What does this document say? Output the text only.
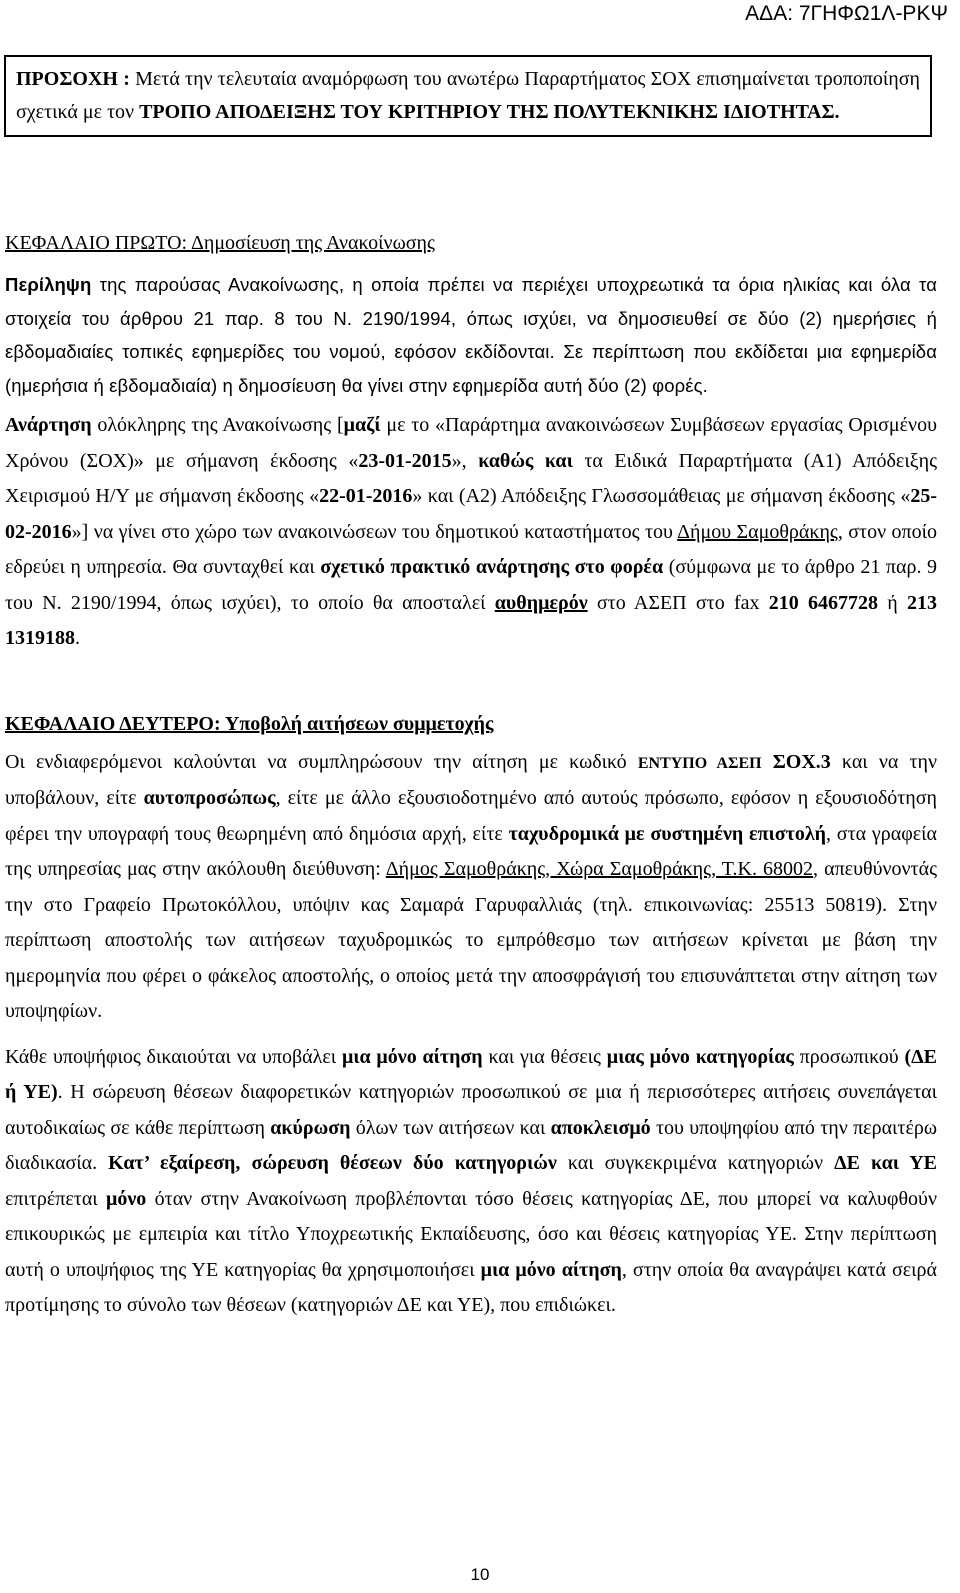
ΑΔΑ: 7ΓΗΦΩ1Λ-ΡΚΨ
ΠΡΟΣΟΧΗ : Μετά την τελευταία αναμόρφωση του ανωτέρω Παραρτήματος ΣΟΧ επισημαίνεται τροποποίηση σχετικά με τον ΤΡΟΠΟ ΑΠΟΔΕΙΞΗΣ ΤΟΥ ΚΡΙΤΗΡΙΟΥ ΤΗΣ ΠΟΛΥΤΕΚΝΙΚΗΣ ΙΔΙΟΤΗΤΑΣ.

ΚΕΦΑΛΑΙΟ ΠΡΩΤΟ: Δημοσίευση της Ανακοίνωσης

Περίληψη της παρούσας Ανακοίνωσης, η οποία πρέπει να περιέχει υποχρεωτικά τα όρια ηλικίας και όλα τα στοιχεία του άρθρου 21 παρ. 8 του Ν. 2190/1994, όπως ισχύει, να δημοσιευθεί σε δύο (2) ημερήσιες ή εβδομαδιαίες τοπικές εφημερίδες του νομού, εφόσον εκδίδονται. Σε περίπτωση που εκδίδεται μια εφημερίδα (ημερήσια ή εβδομαδιαία) η δημοσίευση θα γίνει στην εφημερίδα αυτή δύο (2) φορές.

Ανάρτηση ολόκληρης της Ανακοίνωσης [μαζί με το «Παράρτημα ανακοινώσεων Συμβάσεων εργασίας Ορισμένου Χρόνου (ΣΟΧ)» με σήμανση έκδοσης «23-01-2015», καθώς και τα Ειδικά Παραρτήματα (Α1) Απόδειξης Χειρισμού Η/Υ με σήμανση έκδοσης «22-01-2016» και (Α2) Απόδειξης Γλωσσομάθειας με σήμανση έκδοσης «25-02-2016»] να γίνει στο χώρο των ανακοινώσεων του δημοτικού καταστήματος του Δήμου Σαμοθράκης, στον οποίο εδρεύει η υπηρεσία. Θα συνταχθεί και σχετικό πρακτικό ανάρτησης στο φορέα (σύμφωνα με το άρθρο 21 παρ. 9 του Ν. 2190/1994, όπως ισχύει), το οποίο θα αποσταλεί αυθημερόν στο ΑΣΕΠ στο fax 210 6467728 ή 213 1319188.

ΚΕΦΑΛΑΙΟ ΔΕΥΤΕΡΟ: Υποβολή αιτήσεων συμμετοχής

Οι ενδιαφερόμενοι καλούνται να συμπληρώσουν την αίτηση με κωδικό ΕΝΤΥΠΟ ΑΣΕΠ ΣΟΧ.3 και να την υποβάλουν, είτε αυτοπροσώπως, είτε με άλλο εξουσιοδοτημένο από αυτούς πρόσωπο, εφόσον η εξουσιοδότηση φέρει την υπογραφή τους θεωρημένη από δημόσια αρχή, είτε ταχυδρομικά με συστημένη επιστολή, στα γραφεία της υπηρεσίας μας στην ακόλουθη διεύθυνση: Δήμος Σαμοθράκης, Χώρα Σαμοθράκης, Τ.Κ. 68002, απευθύνοντάς την στο Γραφείο Πρωτοκόλλου, υπόψιν κας Σαμαρά Γαρυφαλλιάς (τηλ. επικοινωνίας: 25513 50819). Στην περίπτωση αποστολής των αιτήσεων ταχυδρομικώς το εμπρόθεσμο των αιτήσεων κρίνεται με βάση την ημερομηνία που φέρει ο φάκελος αποστολής, ο οποίος μετά την αποσφράγισή του επισυνάπτεται στην αίτηση των υποψηφίων.

Κάθε υποψήφιος δικαιούται να υποβάλει μια μόνο αίτηση και για θέσεις μιας μόνο κατηγορίας προσωπικού (ΔΕ ή ΥΕ). Η σώρευση θέσεων διαφορετικών κατηγοριών προσωπικού σε μια ή περισσότερες αιτήσεις συνεπάγεται αυτοδικαίως σε κάθε περίπτωση ακύρωση όλων των αιτήσεων και αποκλεισμό του υποψηφίου από την περαιτέρω διαδικασία. Κατ’ εξαίρεση, σώρευση θέσεων δύο κατηγοριών και συγκεκριμένα κατηγοριών ΔΕ και ΥΕ επιτρέπεται μόνο όταν στην Ανακοίνωση προβλέπονται τόσο θέσεις κατηγορίας ΔΕ, που μπορεί να καλυφθούν επικουρικώς με εμπειρία και τίτλο Υποχρεωτικής Εκπαίδευσης, όσο και θέσεις κατηγορίας ΥΕ. Στην περίπτωση αυτή ο υποψήφιος της ΥΕ κατηγορίας θα χρησιμοποιήσει μια μόνο αίτηση, στην οποία θα αναγράψει κατά σειρά προτίμησης το σύνολο των θέσεων (κατηγοριών ΔΕ και ΥΕ), που επιδιώκει.

10
